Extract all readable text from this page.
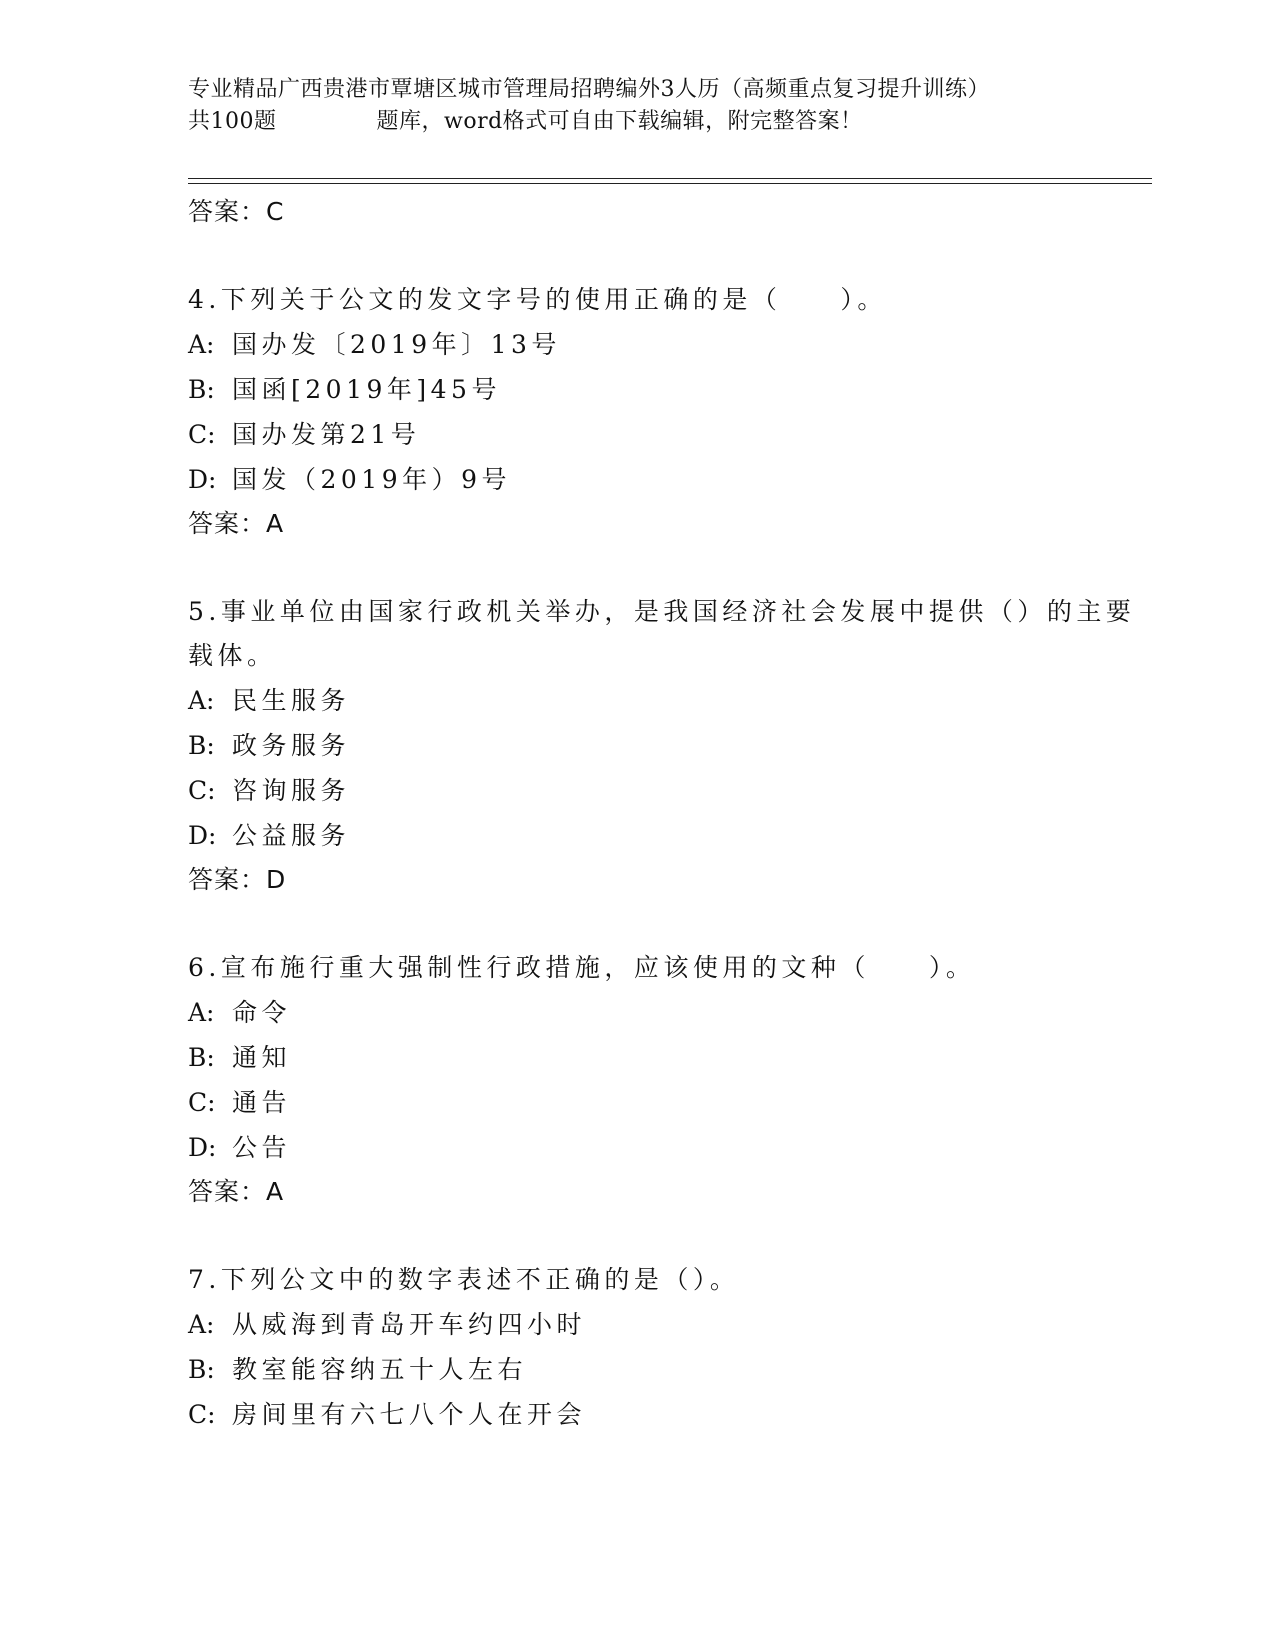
专业精品广西贵港市覃塘区城市管理局招聘编外3人历（高频重点复习提升训练）
共100题	题库，word格式可自由下载编辑，附完整答案！
答案：C
4.下列关于公文的发文字号的使用正确的是（　　）。
A: 国办发〔2019年〕13号
B: 国函[2019年]45号
C: 国办发第21号
D: 国发（2019年）9号
答案：A
5.事业单位由国家行政机关举办，是我国经济社会发展中提供（）的主要载体。
A: 民生服务
B: 政务服务
C: 咨询服务
D: 公益服务
答案：D
6.宣布施行重大强制性行政措施，应该使用的文种（　　）。
A: 命令
B: 通知
C: 通告
D: 公告
答案：A
7.下列公文中的数字表述不正确的是（）。
A: 从威海到青岛开车约四小时
B: 教室能容纳五十人左右
C: 房间里有六七八个人在开会
